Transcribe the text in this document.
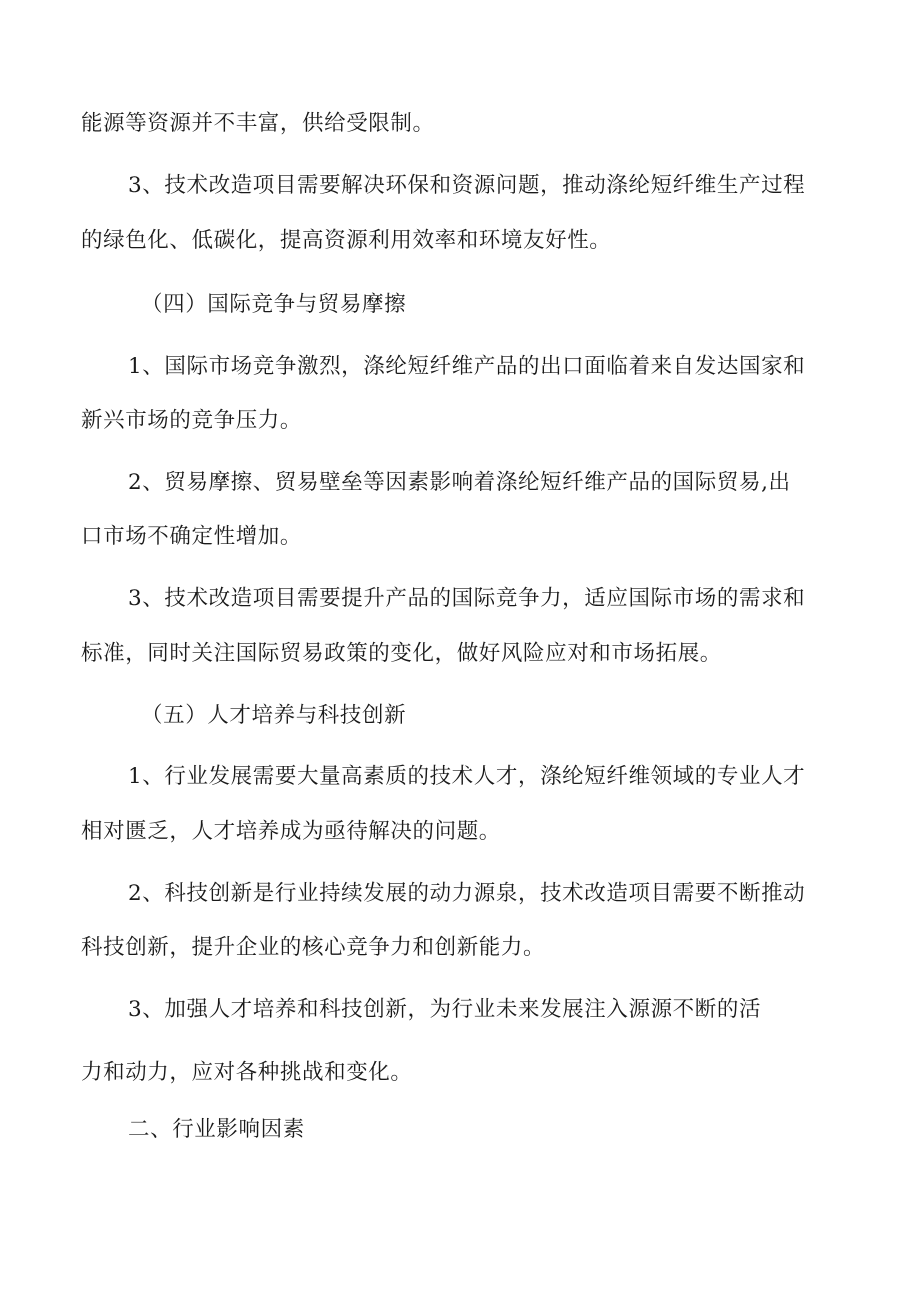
能源等资源并不丰富，供给受限制。
3、技术改造项目需要解决环保和资源问题，推动涤纶短纤维生产过程
的绿色化、低碳化，提高资源利用效率和环境友好性。
（四）国际竞争与贸易摩擦
1、国际市场竞争激烈，涤纶短纤维产品的出口面临着来自发达国家和
新兴市场的竞争压力。
2、贸易摩擦、贸易壁垒等因素影响着涤纶短纤维产品的国际贸易,出
口市场不确定性增加。
3、技术改造项目需要提升产品的国际竞争力，适应国际市场的需求和
标准，同时关注国际贸易政策的变化，做好风险应对和市场拓展。
（五）人才培养与科技创新
1、行业发展需要大量高素质的技术人才，涤纶短纤维领域的专业人才
相对匮乏，人才培养成为亟待解决的问题。
2、科技创新是行业持续发展的动力源泉，技术改造项目需要不断推动
科技创新，提升企业的核心竞争力和创新能力。
3、加强人才培养和科技创新，为行业未来发展注入源源不断的活
力和动力，应对各种挑战和变化。
二、行业影响因素
